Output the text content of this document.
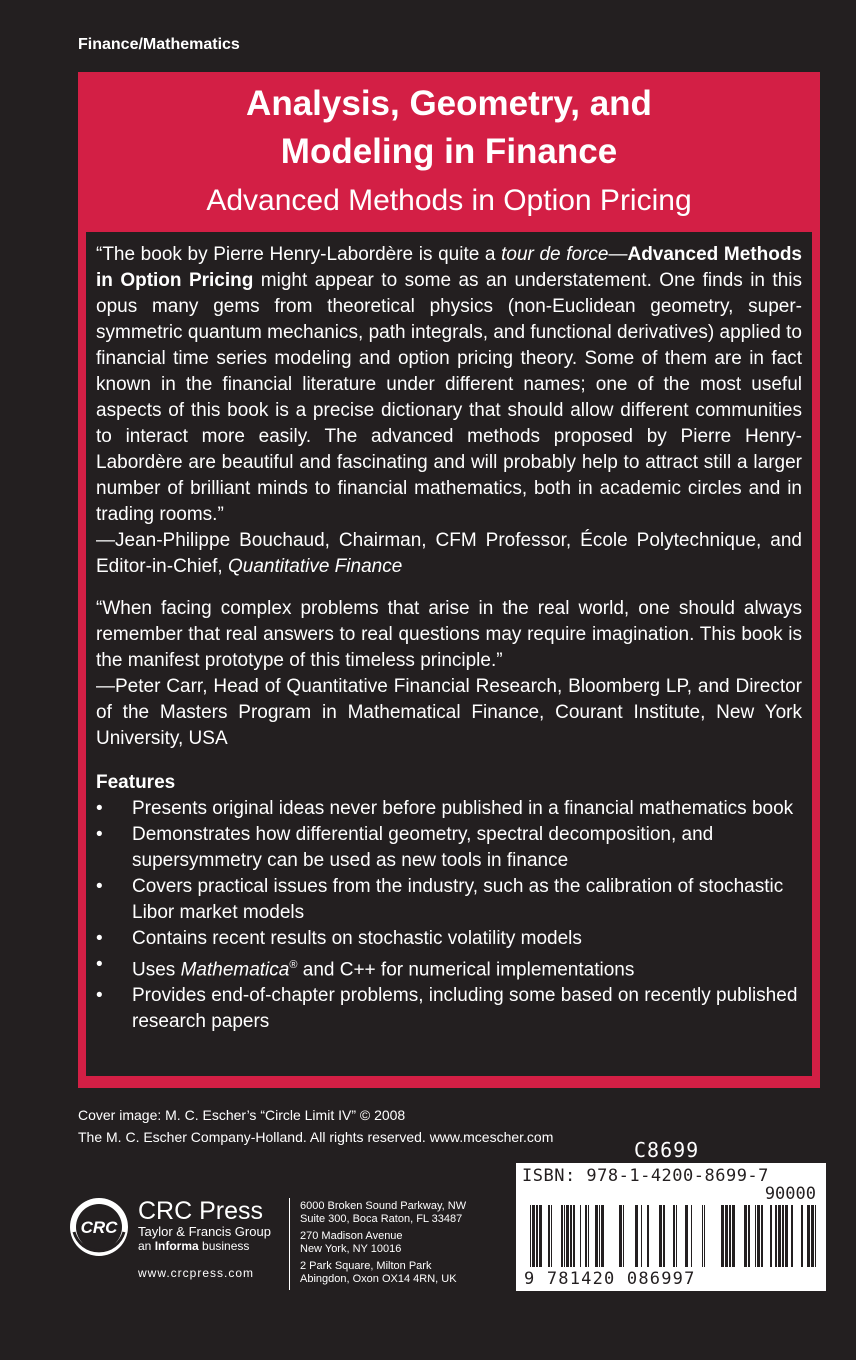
Finance/Mathematics
Analysis, Geometry, and
Modeling in Finance
Advanced Methods in Option Pricing

“The book by Pierre Henry-Labordère is quite a tour de force—Advanced Methods in Option Pricing might appear to some as an understatement. One finds in this opus many gems from theoretical physics (non-Euclidean geometry, super-symmetric quantum mechanics, path integrals, and functional derivatives) applied to financial time series modeling and option pricing theory. Some of them are in fact known in the financial literature under different names; one of the most useful aspects of this book is a precise dictionary that should allow different communities to interact more easily. The advanced methods proposed by Pierre Henry-Labordère are beautiful and fascinating and will probably help to attract still a larger number of brilliant minds to financial mathematics, both in academic circles and in trading rooms.”

—Jean-Philippe Bouchaud, Chairman, CFM Professor, École Polytechnique, and Editor-in-Chief, Quantitative Finance

“When facing complex problems that arise in the real world, one should always remember that real answers to real questions may require imagination. This book is the manifest prototype of this timeless principle.”

—Peter Carr, Head of Quantitative Financial Research, Bloomberg LP, and Director of the Masters Program in Mathematical Finance, Courant Institute, New York University, USA

Features
• Presents original ideas never before published in a financial mathematics book
• Demonstrates how differential geometry, spectral decomposition, and supersymmetry can be used as new tools in finance
• Covers practical issues from the industry, such as the calibration of stochastic Libor market models
• Contains recent results on stochastic volatility models
• Uses Mathematica® and C++ for numerical implementations
• Provides end-of-chapter problems, including some based on recently published research papers
Cover image: M. C. Escher’s “Circle Limit IV” © 2008
The M. C. Escher Company-Holland. All rights reserved. www.mcescher.com
C8699
ISBN: 978-1-4200-8699-7
90000
9 781420 086997
CRC
CRC Press
Taylor & Francis Group
an Informa business
www.crcpress.com
6000 Broken Sound Parkway, NW
Suite 300, Boca Raton, FL 33487
270 Madison Avenue
New York, NY 10016
2 Park Square, Milton Park
Abingdon, Oxon OX14 4RN, UK
